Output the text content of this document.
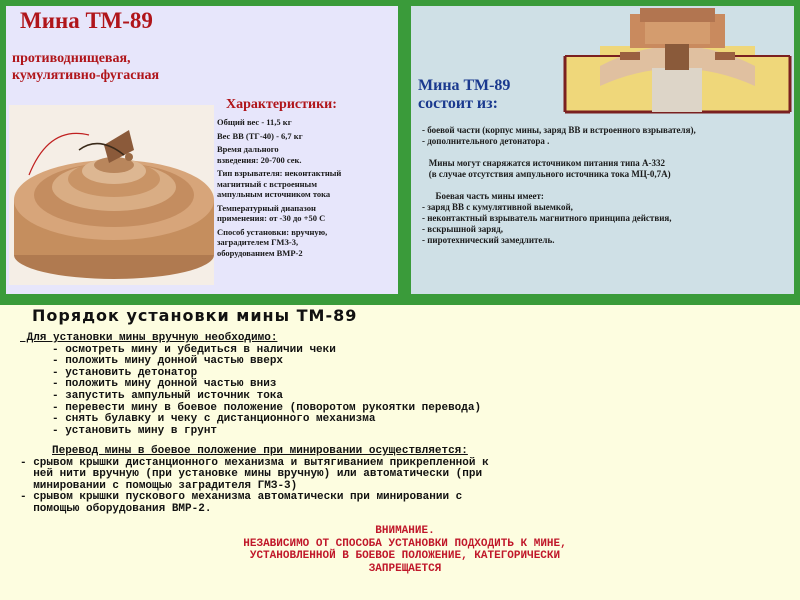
Мина ТМ-89
противоднищевая,
кумулятивно-фугасная
Характеристики:
Общий вес - 11,5 кг
Вес ВВ (ТГ-40) - 6,7 кг
Время дального
взведения: 20-700 сек.
Тип взрывателя: неконтактный
магнитный с встроенным
ампульным источником тока
Температурный диапазон
применения: от -30 до +50 С
Способ установки: вручную,
заградителем ГМЗ-3,
оборудованием ВМР-2
Мина ТМ-89
состоит из:
- боевой части (корпус мины, заряд ВВ и встроенного взрывателя),
- дополнительного детонатора .
Мины могут снаряжатся источником питания типа А-332
(в случае отсутствия ампульного источника тока МЦ-0,7А)
Боевая часть мины имеет:
- заряд ВВ с кумулятивной выемкой,
- неконтактный взрыватель магнитного принципа действия,
- вскрышной заряд,
- пиротехнический замедлитель.
Порядок установки мины ТМ-89
Для установки мины вручную необходимо:
- осмотреть мину и убедиться в наличии чеки
- положить мину донной частью вверх
- установить детонатор
- положить мину донной частью вниз
- запустить ампульный источник тока
- перевести мину в боевое положение (поворотом рукоятки перевода)
- снять булавку и чеку с дистанционного механизма
- установить мину в грунт
Перевод мины в боевое положение при минировании осуществляется:
- срывом крышки дистанционного механизма и вытягиванием прикрепленной к
ней нити вручную (при установке мины вручную) или автоматически (при
минировании с помощью заградителя ГМЗ-3)
- срывом крышки пускового механизма автоматически при минировании с
помощью оборудования ВМР-2.
ВНИМАНИЕ.
НЕЗАВИСИМО ОТ СПОСОБА УСТАНОВКИ ПОДХОДИТЬ К МИНЕ,
УСТАНОВЛЕННОЙ В БОЕВОЕ ПОЛОЖЕНИЕ, КАТЕГОРИЧЕСКИ
ЗАПРЕЩАЕТСЯ
